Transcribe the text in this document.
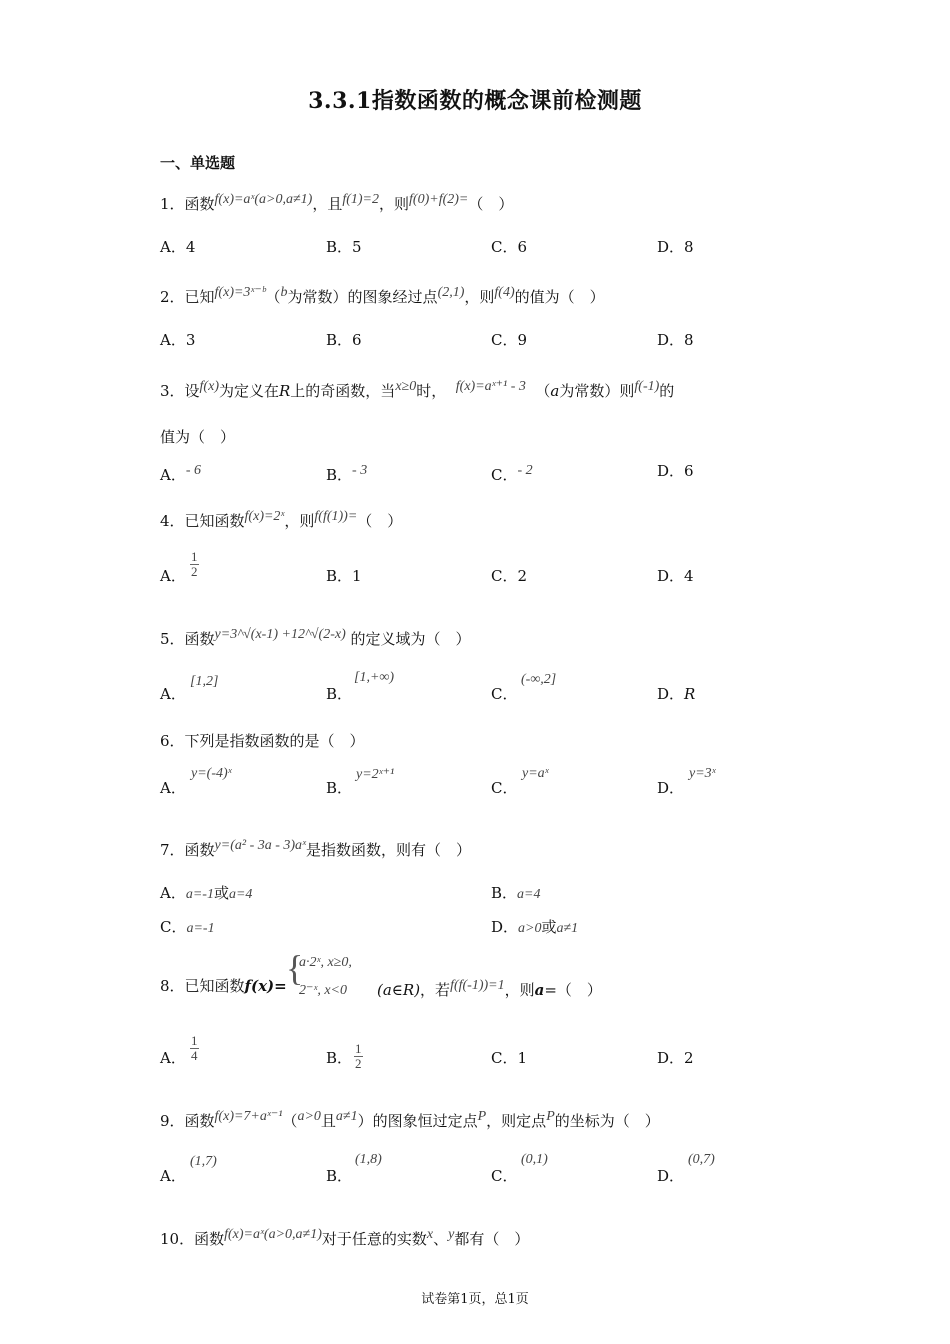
3.3.1指数函数的概念课前检测题
一、单选题
1．函数$^{f(x)=aˣ(a>0,a\ne 1)}$，且$^{f(1)=2}$，则$^{f(0)+f(2)=}$（　）
A．4	B．5	C．6	D．8
2．已知$^{f(x)=3ˣ^-ᵇ}$（$^b$为常数）的图象经过点$^{(2,1)}$，则$^{f(4)}$的值为（　）
A．3	B．6	C．9	D．8
3．设$^{f(x)}$为定义在R上的奇函数，当$^{x\ge 0}$时， $^{f(x)=aˣ^{+1} - 3}$ （a为常数）则$^{f(-1)}$的
值为（　）
A．$^{- 6}$	B．$^{- 3}$	C．$^{- 2}$	D．6
4．已知函数$^{f(x)=2ˣ}$，则$^{f(f(1))=}$（　）
A． $\frac{1}{2}$	B．1	C．2	D．4
5．函数$^{y=3\^{}√(x-1) +12\^{}√(2-x)}$ 的定义域为（　）
A．
[1,2]
B．
[1,+∞)
C．
(-∞,2]
D．R
6．下列是指数函数的是（　）
A．
y=(-4)ˣ
B．
y=2ˣ⁺¹
C．
y=aˣ
D．
y=3ˣ
7．函数$^{y=(a^2 - 3a - 3)aˣ}$是指数函数，则有（　）
A．a=-1或a=4	B．a=4
C．a=-1	D．a>0或a≠1
8．已知函数f(x)= {
a·2ˣ, x≥0,
2⁻ˣ, x<0 (a∈R)，若$^{f(f(-1))=1}$，则a=（　）
A． $\frac{1}{4}$	B． $\frac{1}{2}$	C．1	D．2
9．函数$^{f(x)=7+aˣ^{-1}}$（$^{a>0}$且$^{a\ne 1}$）的图象恒过定点$^P$，则定点$^P$的坐标为（　）
A．
(1,7)
B．
(1,8)
C．
(0,1)
D．
(0,7)
10．函数$^{f(x)=aˣ(a>0,a\ne 1)}$对于任意的实数$^x$、$^y$都有（　）
试卷第1页，总1页
